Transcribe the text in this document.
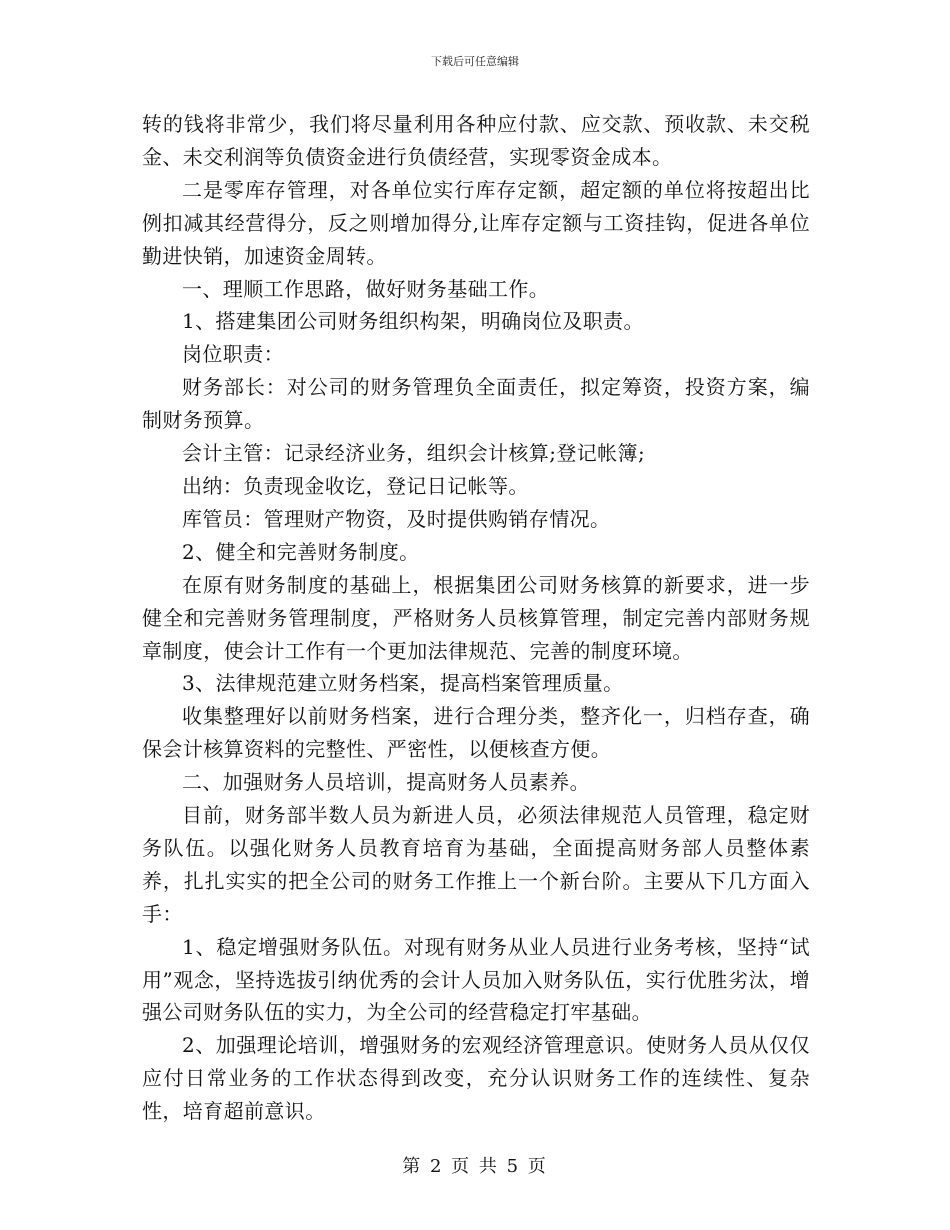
下载后可任意编辑

转的钱将非常少，我们将尽量利用各种应付款、应交款、预收款、未交税金、未交利润等负债资金进行负债经营，实现零资金成本。

二是零库存管理，对各单位实行库存定额，超定额的单位将按超出比例扣减其经营得分，反之则增加得分,让库存定额与工资挂钩，促进各单位勤进快销，加速资金周转。

一、理顺工作思路，做好财务基础工作。

1、搭建集团公司财务组织构架，明确岗位及职责。

岗位职责：

财务部长：对公司的财务管理负全面责任，拟定筹资，投资方案，编制财务预算。

会计主管：记录经济业务，组织会计核算;登记帐簿;

出纳：负责现金收讫，登记日记帐等。

库管员：管理财产物资，及时提供购销存情况。

2、健全和完善财务制度。

在原有财务制度的基础上，根据集团公司财务核算的新要求，进一步健全和完善财务管理制度，严格财务人员核算管理，制定完善内部财务规章制度，使会计工作有一个更加法律规范、完善的制度环境。

3、法律规范建立财务档案，提高档案管理质量。

收集整理好以前财务档案，进行合理分类，整齐化一，归档存查，确保会计核算资料的完整性、严密性，以便核查方便。

二、加强财务人员培训，提高财务人员素养。

目前，财务部半数人员为新进人员，必须法律规范人员管理，稳定财务队伍。以强化财务人员教育培育为基础，全面提高财务部人员整体素养，扎扎实实的把全公司的财务工作推上一个新台阶。主要从下几方面入手：

1、稳定增强财务队伍。对现有财务从业人员进行业务考核，坚持“试用”观念，坚持选拔引纳优秀的会计人员加入财务队伍，实行优胜劣汰，增强公司财务队伍的实力，为全公司的经营稳定打牢基础。

2、加强理论培训，增强财务的宏观经济管理意识。使财务人员从仅仅应付日常业务的工作状态得到改变，充分认识财务工作的连续性、复杂性，培育超前意识。

第 2 页 共 5 页
